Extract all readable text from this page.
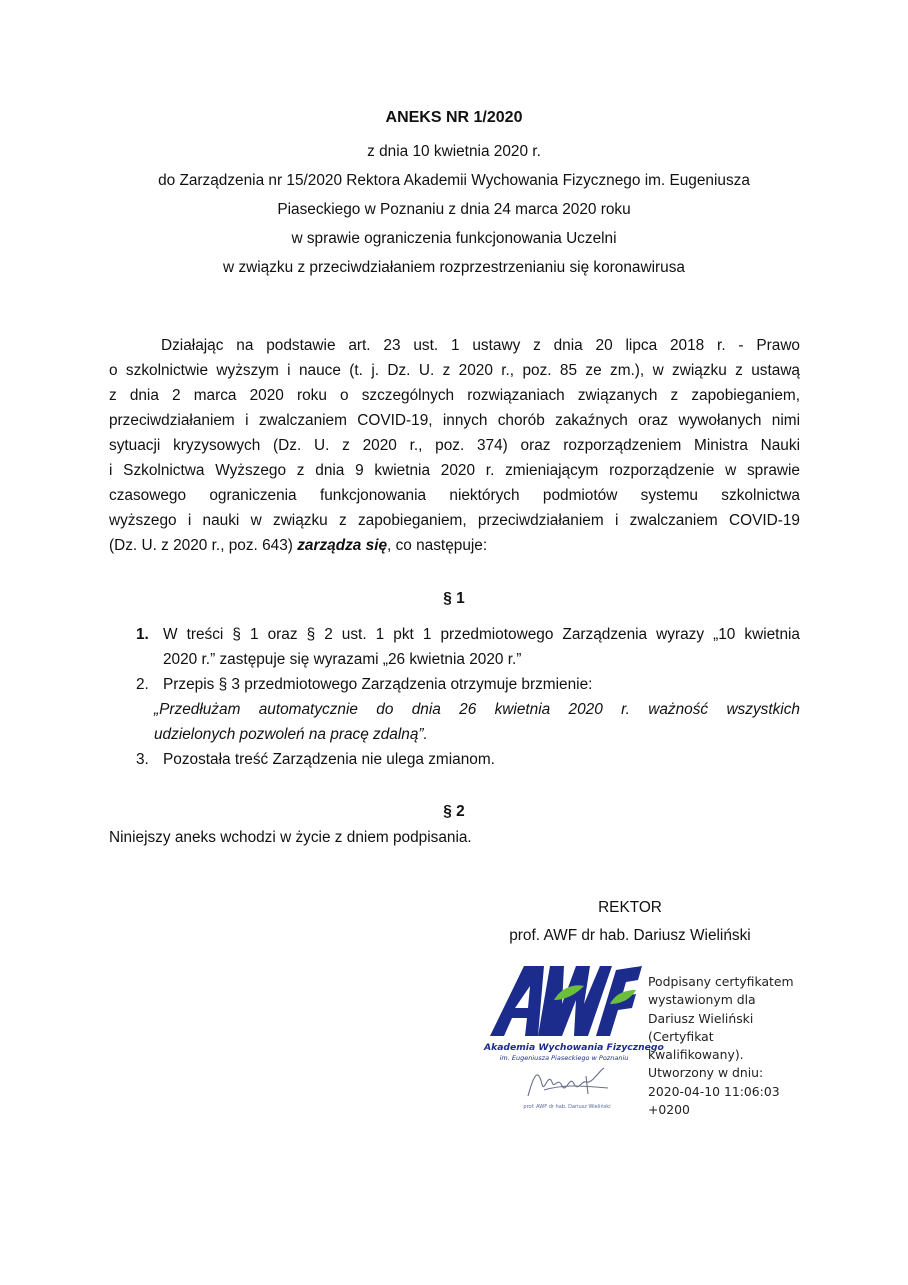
ANEKS NR 1/2020
z dnia 10 kwietnia 2020 r.
do Zarządzenia nr 15/2020 Rektora Akademii Wychowania Fizycznego im. Eugeniusza
Piaseckiego w Poznaniu z dnia 24 marca 2020 roku
w sprawie ograniczenia funkcjonowania Uczelni
w związku z przeciwdziałaniem rozprzestrzenianiu się koronawirusa
Działając na podstawie art. 23 ust. 1 ustawy z dnia 20 lipca 2018 r. - Prawo
o szkolnictwie wyższym i nauce (t. j. Dz. U. z 2020 r., poz. 85 ze zm.), w związku z ustawą
z dnia 2 marca 2020 roku o szczególnych rozwiązaniach związanych z zapobieganiem,
przeciwdziałaniem i zwalczaniem COVID-19, innych chorób zakaźnych oraz wywołanych nimi
sytuacji kryzysowych (Dz. U. z 2020 r., poz. 374) oraz rozporządzeniem Ministra Nauki
i Szkolnictwa Wyższego z dnia 9 kwietnia 2020 r. zmieniającym rozporządzenie w sprawie
czasowego ograniczenia funkcjonowania niektórych podmiotów systemu szkolnictwa
wyższego i nauki w związku z zapobieganiem, przeciwdziałaniem i zwalczaniem COVID-19
(Dz. U. z 2020 r., poz. 643) zarządza się, co następuje:
§ 1
1. W treści § 1 oraz § 2 ust. 1 pkt 1 przedmiotowego Zarządzenia wyrazy „10 kwietnia
2020 r.” zastępuje się wyrazami „26 kwietnia 2020 r.”
2. Przepis § 3 przedmiotowego Zarządzenia otrzymuje brzmienie:
„Przedłużam automatycznie do dnia 26 kwietnia 2020 r. ważność wszystkich
udzielonych pozwoleń na pracę zdalną”.
3. Pozostała treść Zarządzenia nie ulega zmianom.
§ 2
Niniejszy aneks wchodzi w życie z dniem podpisania.
REKTOR
prof. AWF dr hab. Dariusz Wieliński
Akademia Wychowania Fizycznego
im. Eugeniusza Piaseckiego w Poznaniu
prof. AWF dr hab. Dariusz Wieliński
Podpisany certyfikatem
wystawionym dla
Dariusz Wieliński
(Certyfikat
kwalifikowany).
Utworzony w dniu:
2020-04-10 11:06:03
+0200
